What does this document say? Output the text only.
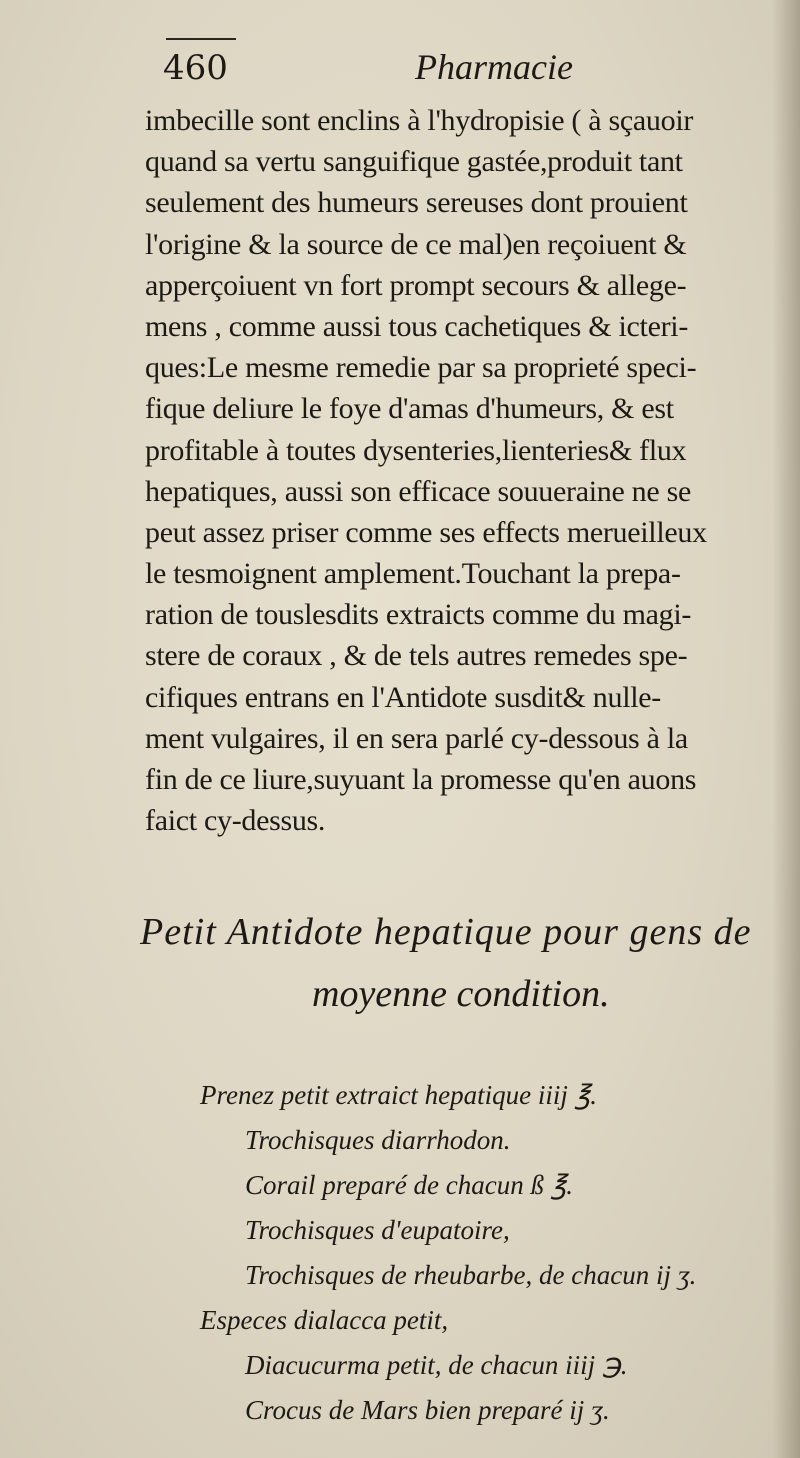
460	Pharmacie
imbecille sont enclins à l'hydropisie ( à sçauoir
quand sa vertu sanguifique gastée,produit tant
seulement des humeurs sereuses dont prouient
l'origine & la source de ce mal)en reçoiuent &
apperçoiuent vn fort prompt secours & allege-
mens , comme aussi tous cachetiques & icteri-
ques:Le mesme remedie par sa proprieté speci-
fique deliure le foye d'amas d'humeurs, & est
profitable à toutes dysenteries,lienteries& flux
hepatiques, aussi son efficace souueraine ne se
peut assez priser comme ses effects merueilleux
le tesmoignent amplement.Touchant la prepa-
ration de touslesdits extraicts comme du magi-
stere de coraux , & de tels autres remedes spe-
cifiques entrans en l'Antidote susdit& nulle-
ment vulgaires, il en sera parlé cy-dessous à la
fin de ce liure,suyuant la promesse qu'en auons
faict cy-dessus.
Petit Antidote hepatique pour gens de
moyenne condition.
Prenez petit extraict hepatique iiij ℥.
Trochisques diarrhodon.
Corail preparé de chacun ß ℥.
Trochisques d'eupatoire,
Trochisques de rheubarbe, de chacun ij ʒ.
Especes dialacca petit,
Diacucurma petit, de chacun iiij ℈.
Crocus de Mars bien preparé ij ʒ.
